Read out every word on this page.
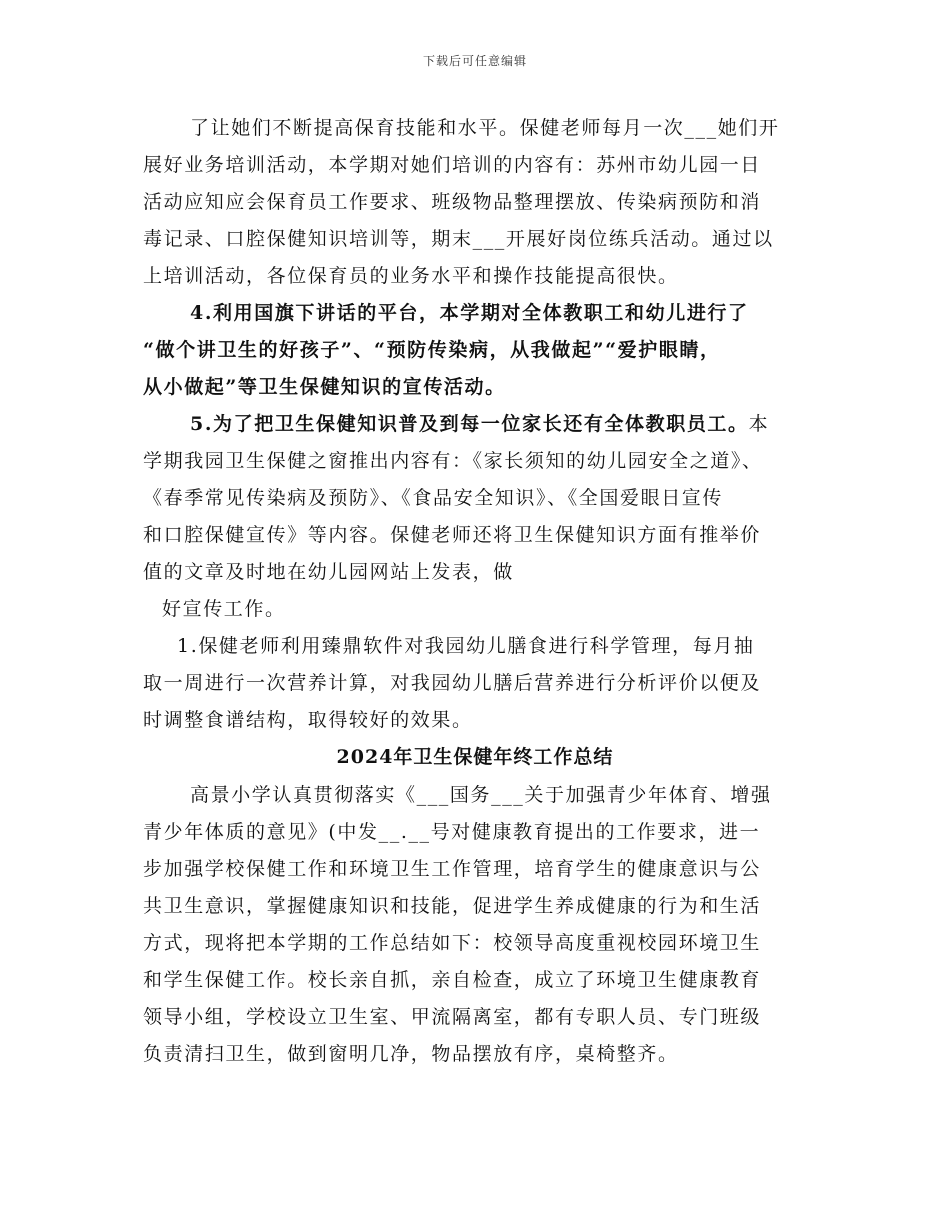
下载后可任意编辑
了让她们不断提高保育技能和水平。保健老师每月一次___她们开
展好业务培训活动，本学期对她们培训的内容有：苏州市幼儿园一日
活动应知应会保育员工作要求、班级物品整理摆放、传染病预防和消
毒记录、口腔保健知识培训等，期末___开展好岗位练兵活动。通过以
上培训活动，各位保育员的业务水平和操作技能提高很快。
4.利用国旗下讲话的平台，本学期对全体教职工和幼儿进行了
“做个讲卫生的好孩子”、“预防传染病，从我做起”“爱护眼睛，
从小做起”等卫生保健知识的宣传活动。
5.为了把卫生保健知识普及到每一位家长还有全体教职员工。本
学期我园卫生保健之窗推出内容有：《家长须知的幼儿园安全之道》、
《春季常见传染病及预防》、《食品安全知识》、《全国爱眼日宣传
和口腔保健宣传》等内容。保健老师还将卫生保健知识方面有推举价
值的文章及时地在幼儿园网站上发表，做
好宣传工作。
1.保健老师利用臻鼎软件对我园幼儿膳食进行科学管理，每月抽
取一周进行一次营养计算，对我园幼儿膳后营养进行分析评价以便及
时调整食谱结构，取得较好的效果。
2024年卫生保健年终工作总结
高景小学认真贯彻落实《___国务___关于加强青少年体育、增强
青少年体质的意见》(中发__.__号对健康教育提出的工作要求，进一
步加强学校保健工作和环境卫生工作管理，培育学生的健康意识与公
共卫生意识，掌握健康知识和技能，促进学生养成健康的行为和生活
方式，现将把本学期的工作总结如下：校领导高度重视校园环境卫生
和学生保健工作。校长亲自抓，亲自检查，成立了环境卫生健康教育
领导小组，学校设立卫生室、甲流隔离室，都有专职人员、专门班级
负责清扫卫生，做到窗明几净，物品摆放有序，桌椅整齐。
